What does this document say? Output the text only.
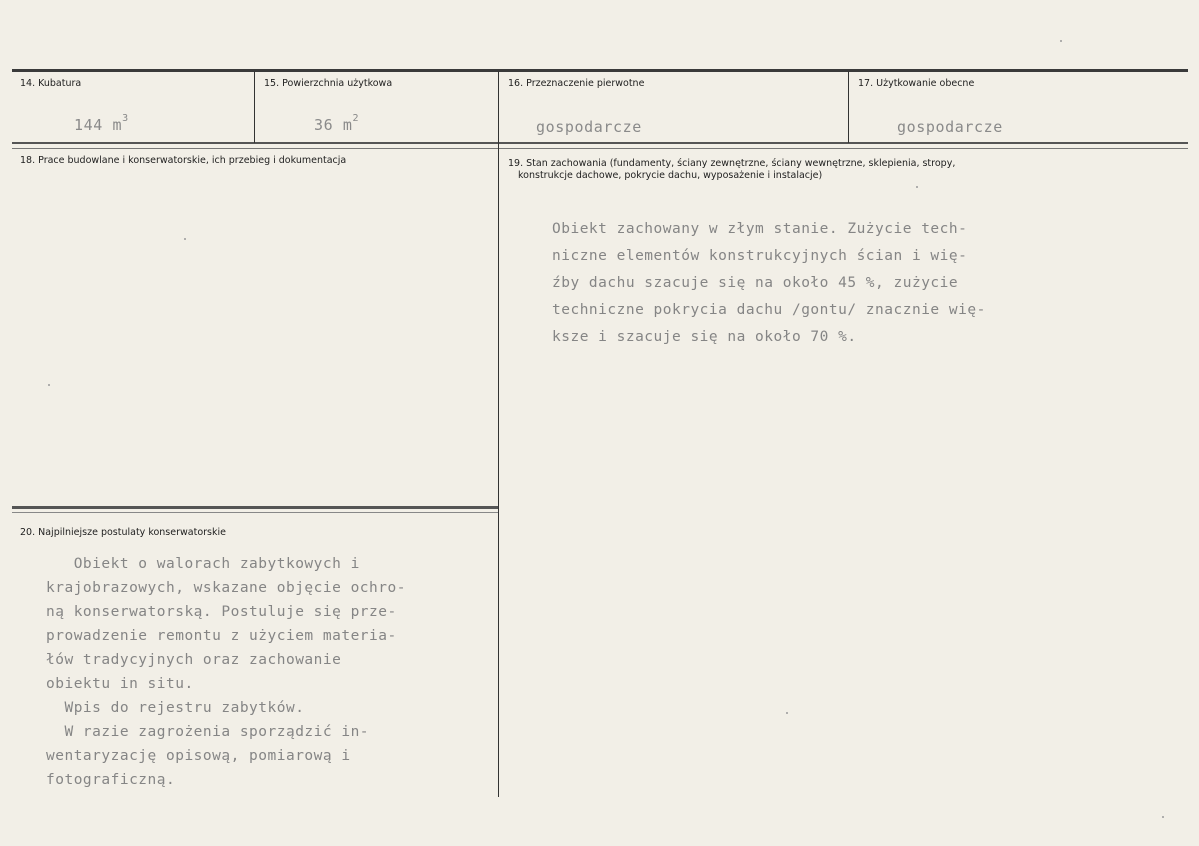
14. Kubatura
144 $m^3$
15. Powierzchnia użytkowa
36 $m^2$
16. Przeznaczenie pierwotne
gospodarcze
17. Użytkowanie obecne
gospodarcze
18. Prace budowlane i konserwatorskie, ich przebieg i dokumentacja	19. Stan zachowania (fundamenty, ściany zewnętrzne, ściany wewnętrzne, sklepienia, stropy,
konstrukcje dachowe, pokrycie dachu, wyposażenie i instalacje)
Obiekt zachowany w złym stanie. Zużycie tech-
niczne elementów konstrukcyjnych ścian i wię-
źby dachu szacuje się na około 45 %, zużycie
techniczne pokrycia dachu /gontu/ znacznie wię-
ksze i szacuje się na około 70 %.
20. Najpilniejsze postulaty konserwatorskie
Obiekt o walorach zabytkowych i
krajobrazowych, wskazane objęcie ochro-
ną konserwatorską. Postuluje się prze-
prowadzenie remontu z użyciem materia-
łów tradycyjnych oraz zachowanie
obiektu in situ.
Wpis do rejestru zabytków.
W razie zagrożenia sporządzić in-
wentaryzację opisową, pomiarową i
fotograficzną.
